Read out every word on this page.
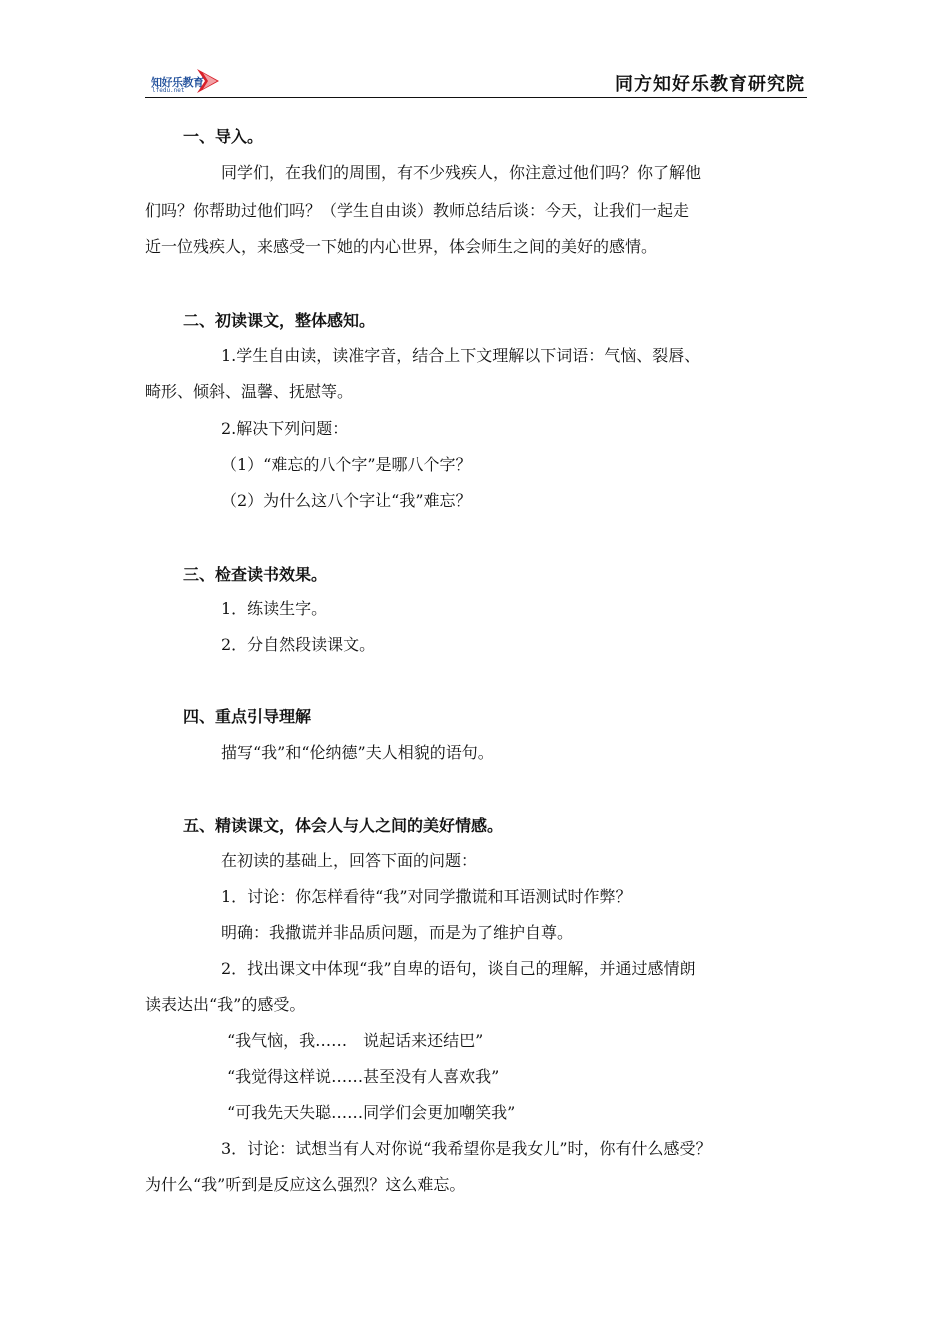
知好乐教育
lfedu.net	同方知好乐教育研究院
一、导入。
同学们，在我们的周围，有不少残疾人，你注意过他们吗？你了解他
们吗？你帮助过他们吗？（学生自由谈）教师总结后谈：今天，让我们一起走
近一位残疾人，来感受一下她的内心世界，体会师生之间的美好的感情。
二、初读课文，整体感知。
1.学生自由读，读准字音，结合上下文理解以下词语：气恼、裂唇、
畸形、倾斜、温馨、抚慰等。
2.解决下列问题：
（1）“难忘的八个字”是哪八个字？
（2）为什么这八个字让“我”难忘？
三、检查读书效果。
1．练读生字。
2．分自然段读课文。
四、重点引导理解
描写“我”和“伦纳德”夫人相貌的语句。
五、精读课文，体会人与人之间的美好情感。
在初读的基础上，回答下面的问题：
1．讨论：你怎样看待“我”对同学撒谎和耳语测试时作弊？
明确：我撒谎并非品质问题，而是为了维护自尊。
2．找出课文中体现“我”自卑的语句，谈自己的理解，并通过感情朗
读表达出“我”的感受。
“我气恼，我……　说起话来还结巴”
“我觉得这样说……甚至没有人喜欢我”
“可我先天失聪……同学们会更加嘲笑我”
3．讨论：试想当有人对你说“我希望你是我女儿”时，你有什么感受？
为什么“我”听到是反应这么强烈？这么难忘。
